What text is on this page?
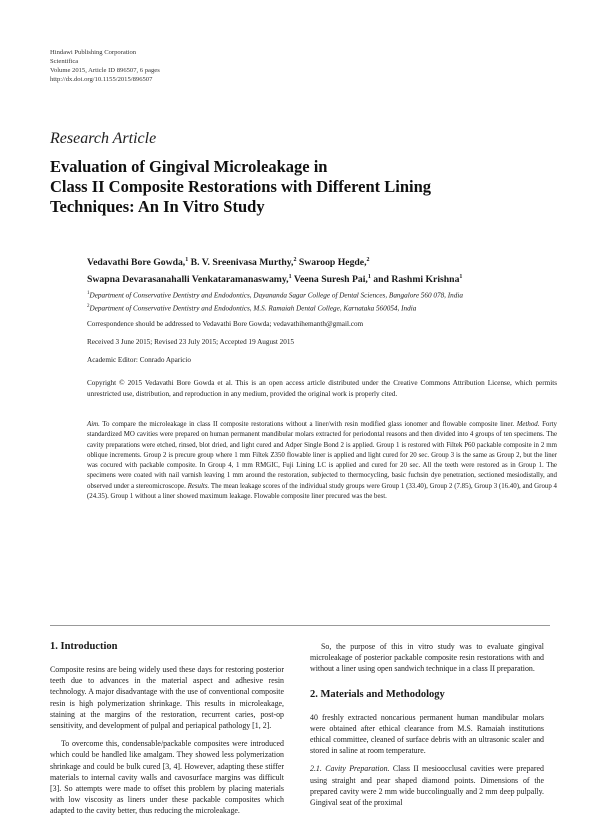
Hindawi Publishing Corporation
Scientifica
Volume 2015, Article ID 896507, 6 pages
http://dx.doi.org/10.1155/2015/896507
Research Article
Evaluation of Gingival Microleakage in
Class II Composite Restorations with Different Lining
Techniques: An In Vitro Study
Vedavathi Bore Gowda,$^1$ B. V. Sreenivasa Murthy,$^2$ Swaroop Hegde,$^2$
Swapna Devarasanahalli Venkataramanaswamy,$^1$ Veena Suresh Pai,$^1$ and Rashmi Krishna$^1$
$^1$Department of Conservative Dentistry and Endodontics, Dayananda Sagar College of Dental Sciences, Bangalore 560 078, India
$^2$Department of Conservative Dentistry and Endodontics, M.S. Ramaiah Dental College, Karnataka 560054, India
Correspondence should be addressed to Vedavathi Bore Gowda; vedavathihemanth@gmail.com
Received 3 June 2015; Revised 23 July 2015; Accepted 19 August 2015
Academic Editor: Conrado Aparicio
Copyright © 2015 Vedavathi Bore Gowda et al. This is an open access article distributed under the Creative Commons Attribution License, which permits unrestricted use, distribution, and reproduction in any medium, provided the original work is properly cited.
Aim. To compare the microleakage in class II composite restorations without a liner/with resin modified glass ionomer and flowable composite liner. Method. Forty standardized MO cavities were prepared on human permanent mandibular molars extracted for periodontal reasons and then divided into 4 groups of ten specimens. The cavity preparations were etched, rinsed, blot dried, and light cured and Adper Single Bond 2 is applied. Group 1 is restored with Filtek P60 packable composite in 2 mm oblique increments. Group 2 is precure group where 1 mm Filtek Z350 flowable liner is applied and light cured for 20 sec. Group 3 is the same as Group 2, but the liner was cocured with packable composite. In Group 4, 1 mm RMGIC, Fuji Lining LC is applied and cured for 20 sec. All the teeth were restored as in Group 1. The specimens were coated with nail varnish leaving 1 mm around the restoration, subjected to thermocycling, basic fuchsin dye penetration, sectioned mesiodistally, and observed under a stereomicroscope. Results. The mean leakage scores of the individual study groups were Group 1 (33.40), Group 2 (7.85), Group 3 (16.40), and Group 4 (24.35). Group 1 without a liner showed maximum leakage. Flowable composite liner precured was the best.
1. Introduction
Composite resins are being widely used these days for restoring posterior teeth due to advances in the material aspect and adhesive resin technology. A major disadvantage with the use of conventional composite resin is high polymerization shrinkage. This results in microleakage, staining at the margins of the restoration, recurrent caries, post-op sensitivity, and development of pulpal and periapical pathology [1, 2].
To overcome this, condensable/packable composites were introduced which could be handled like amalgam. They showed less polymerization shrinkage and could be bulk cured [3, 4]. However, adapting these stiffer materials to internal cavity walls and cavosurface margins was difficult [3]. So attempts were made to offset this problem by placing materials with low viscosity as liners under these packable composites which adapted to the cavity better, thus reducing the microleakage.
So, the purpose of this in vitro study was to evaluate gingival microleakage of posterior packable composite resin restorations with and without a liner using open sandwich technique in a class II preparation.
2. Materials and Methodology
40 freshly extracted noncarious permanent human mandibular molars were obtained after ethical clearance from M.S. Ramaiah institutions ethical committee, cleaned of surface debris with an ultrasonic scaler and stored in saline at room temperature.
2.1. Cavity Preparation. Class II mesioocclusal cavities were prepared using straight and pear shaped diamond points. Dimensions of the prepared cavity were 2 mm wide buccolingually and 2 mm deep pulpally. Gingival seat of the proximal
